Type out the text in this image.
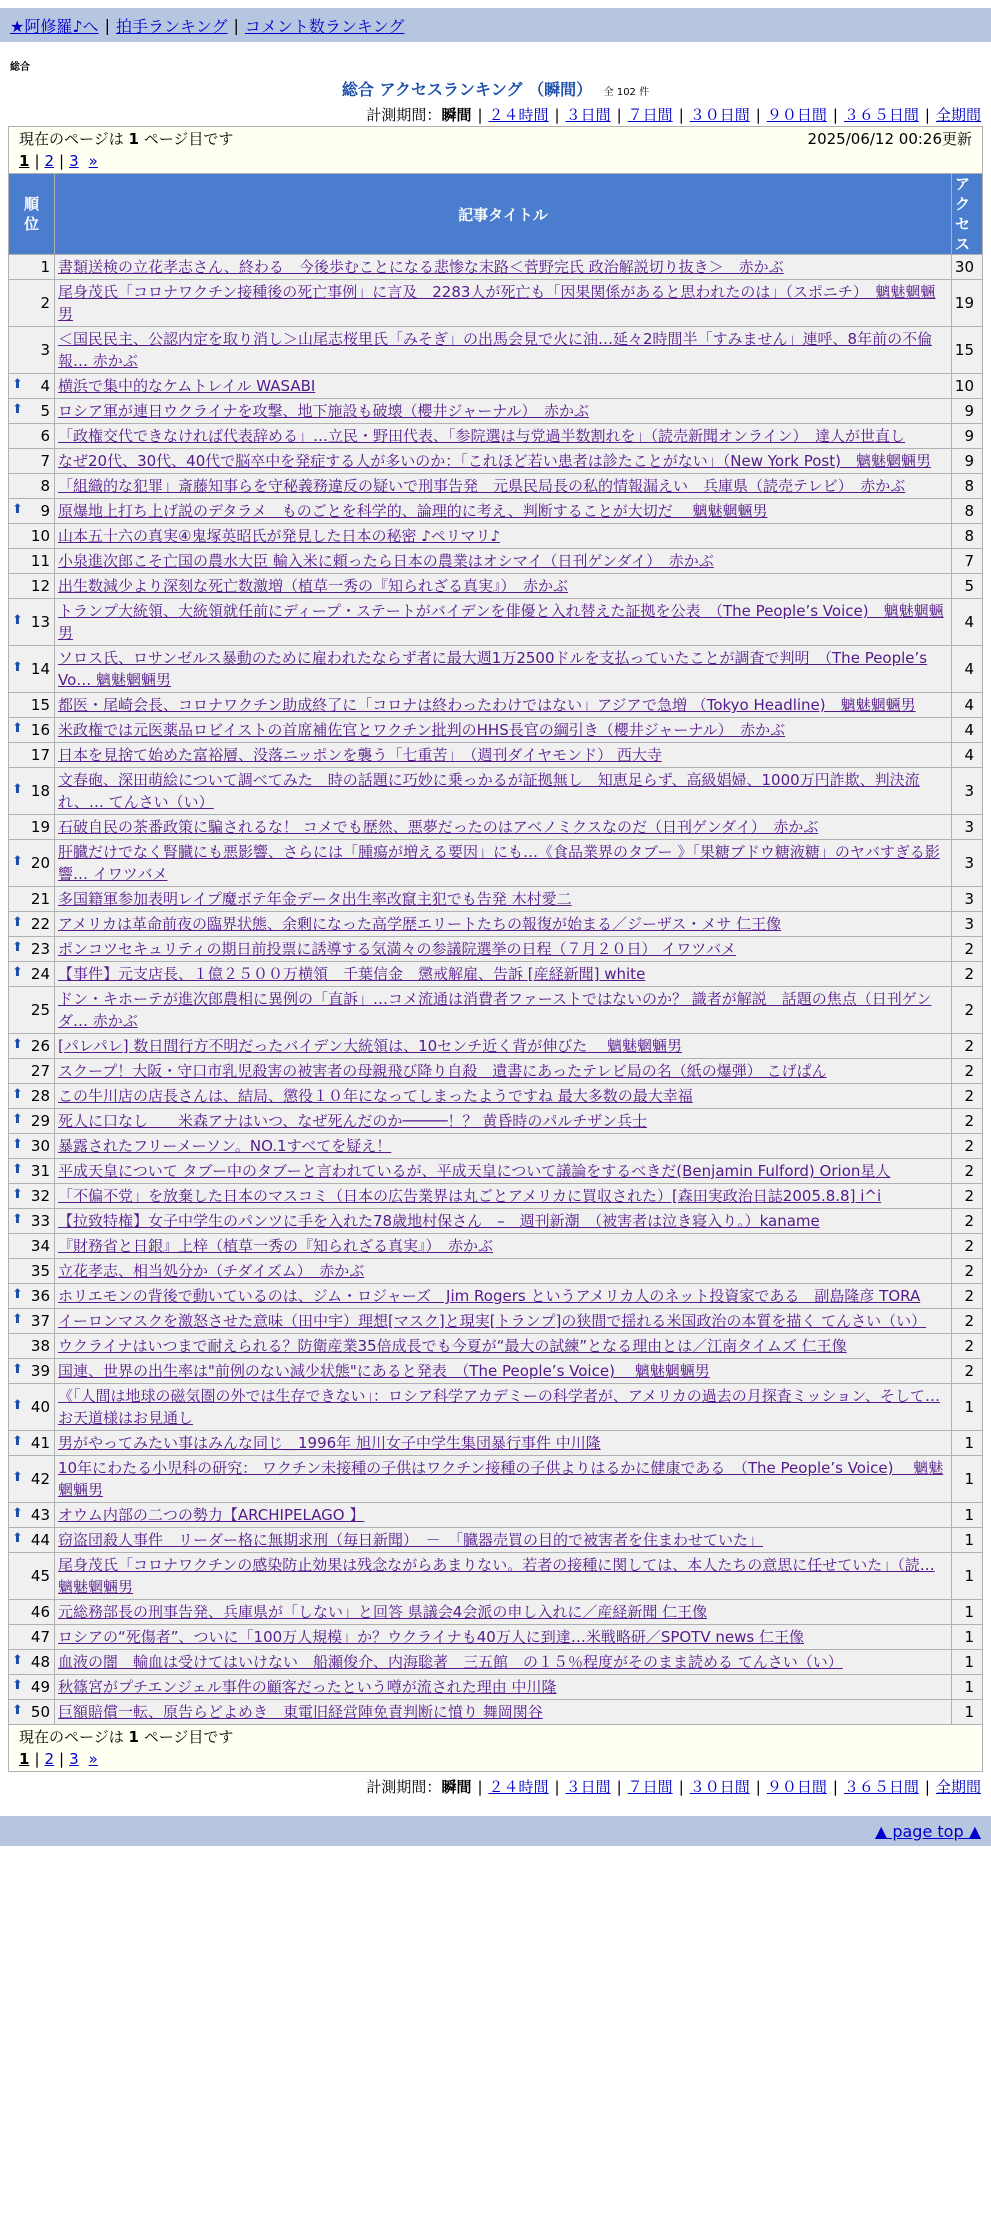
★阿修羅♪へ | 拍手ランキング | コメント数ランキング
総合
総合 アクセスランキング （瞬間） 全 102 件
計測期間：瞬間 | ２４時間 | ３日間 | ７日間 | ３０日間 | ９０日間 | ３６５日間 | 全期間
現在のページは 1 ページ目です 2025/06/12 00:26更新
1 | 2 | 3 »		

順
位	記事タイトル	アク
セス
1	書類送検の立花孝志さん、終わる　今後歩むことになる悲惨な末路＜菅野完氏 政治解説切り抜き＞　赤かぶ	30
2	尾身茂氏「コロナワクチン接種後の死亡事例」に言及　2283人が死亡も「因果関係があると思われたのは」（スポニチ）　魑魅魍魎男	19
3	＜国民民主、公認内定を取り消し＞山尾志桜里氏「みそぎ」の出馬会見で火に油…延々2時間半「すみません」連呼、8年前の不倫報… 赤かぶ	15

⬆ 4	横浜で集中的なケムトレイル WASABI	10

⬆ 5	ロシア軍が連日ウクライナを攻撃、地下施設も破壊（櫻井ジャーナル）　赤かぶ	9
6	「政権交代できなければ代表辞める」…立民・野田代表、「参院選は与党過半数割れを」（読売新聞オンライン）　達人が世直し	9
7	なぜ20代、30代、40代で脳卒中を発症する人が多いのか：「これほど若い患者は診たことがない」（New York Post)　魑魅魍魎男	9
8	「組織的な犯罪」斎藤知事らを守秘義務違反の疑いで刑事告発　元県民局長の私的情報漏えい　兵庫県（読売テレビ）　赤かぶ	8

⬆ 9	原爆地上打ち上げ説のデタラメ　ものごとを科学的、論理的に考え、判断することが大切だ　 魑魅魍魎男	8
10	山本五十六の真実④鬼塚英昭氏が発見した日本の秘密 ♪ペリマリ♪	8
11	小泉進次郎こそ亡国の農水大臣 輸入米に頼ったら日本の農業はオシマイ（日刊ゲンダイ）　赤かぶ	7
12	出生数減少より深刻な死亡数激増（植草一秀の『知られざる真実』）　赤かぶ	5

⬆ 13	トランプ大統領、大統領就任前にディープ・ステートがバイデンを俳優と入れ替えた証拠を公表　（The People’s Voice)　魑魅魍魎男	4

⬆ 14	ソロス氏、ロサンゼルス暴動のために雇われたならず者に最大週1万2500ドルを支払っていたことが調査で判明　（The People’s Vo… 魑魅魍魎男	4
15	都医・尾崎会長、コロナワクチン助成終了に「コロナは終わったわけではない」アジアで急増 （Tokyo Headline)　魑魅魍魎男	4

⬆ 16	米政権では元医薬品ロビイストの首席補佐官とワクチン批判のHHS長官の綱引き（櫻井ジャーナル）　赤かぶ	4
17	日本を見捨て始めた富裕層、没落ニッポンを襲う「七重苦」　（週刊ダイヤモンド） 西大寺	4

⬆ 18	文春砲、深田萌絵について調べてみた　時の話題に巧妙に乗っかるが証拠無し　知恵足らず、高級娼婦、1000万円詐欺、判決流れ、… てんさい（い）	3
19	石破自民の茶番政策に騙されるな！ コメでも歴然、悪夢だったのはアベノミクスなのだ（日刊ゲンダイ）　赤かぶ	3

⬆ 20	肝臓だけでなく腎臓にも悪影響、さらには「腫瘍が増える要因」にも…《食品業界のタブー 》「果糖ブドウ糖液糖」のヤバすぎる影響… イワツバメ	3
21	多国籍軍参加表明レイプ魔ボテ年金データ出生率改竄主犯でも告発 木村愛二	3

⬆ 22	アメリカは革命前夜の臨界状態、余剰になった高学歴エリートたちの報復が始まる／ジーザス・メサ 仁王像	3

⬆ 23	ポンコツセキュリティの期日前投票に誘導する気満々の参議院選挙の日程（７月２０日） イワツバメ	2

⬆ 24	【事件】元支店長、１億２５００万横領　千葉信金　懲戒解雇、告訴 [産経新聞] white	2
25	ドン・キホーテが進次郎農相に異例の「直訴」…コメ流通は消費者ファーストではないのか？ 識者が解説　話題の焦点（日刊ゲンダ… 赤かぶ	2

⬆ 26	[パレパレ] 数日間行方不明だったバイデン大統領は、10センチ近く背が伸びた　 魑魅魍魎男	2
27	スクープ！大阪・守口市乳児殺害の被害者の母親飛び降り自殺　遺書にあったテレビ局の名（紙の爆弾） こげぱん	2

⬆ 28	この牛川店の店長さんは、結局、懲役１０年になってしまったようですね 最大多数の最大幸福	2

⬆ 29	死人に口なし　　米森アナはいつ、なぜ死んだのか─────！？ 黄昏時のパルチザン兵士	2

⬆ 30	暴露されたフリーメーソン。NO.1すべてを疑え！	2

⬆ 31	平成天皇について タブー中のタブーと言われているが、平成天皇について議論をするべきだ(Benjamin Fulford) Orion星人	2

⬆ 32	「不偏不党」を放棄した日本のマスコミ（日本の広告業界は丸ごとアメリカに買収された）[森田実政治日誌2005.8.8] i^i	2

⬆ 33	【拉致特権】女子中学生のパンツに手を入れた78歳地村保さん　–　週刊新潮　（被害者は泣き寝入り。）kaname	2
34	『財務省と日銀』上梓（植草一秀の『知られざる真実』）　赤かぶ	2
35	立花孝志、相当処分か（チダイズム）　赤かぶ	2

⬆ 36	ホリエモンの背後で動いているのは、ジム・ロジャーズ　Jim Rogers というアメリカ人のネット投資家である　副島隆彦 TORA	2

⬆ 37	イーロンマスクを激怒させた意味（田中宇）理想[マスク]と現実[トランプ]の狭間で揺れる米国政治の本質を描く てんさい（い）	2
38	ウクライナはいつまで耐えられる？防衛産業35倍成長でも今夏が“最大の試練”となる理由とは／江南タイムズ 仁王像	2

⬆ 39	国連、世界の出生率は"前例のない減少状態"にあると発表　（The People’s Voice)　 魑魅魍魎男	2

⬆ 40	《「人間は地球の磁気圏の外では生存できない」：ロシア科学アカデミーの科学者が、アメリカの過去の月探査ミッション、そして… お天道様はお見通し	1

⬆ 41	男がやってみたい事はみんな同じ＿1996年 旭川女子中学生集団暴行事件 中川隆	1

⬆ 42	10年にわたる小児科の研究： ワクチン未接種の子供はワクチン接種の子供よりはるかに健康である　（The People’s Voice)　 魑魅魍魎男	1

⬆ 43	オウム内部の二つの勢力【ARCHIPELAGO 】	1

⬆ 44	窃盗団殺人事件　リーダー格に無期求刑（毎日新聞）　－　「臓器売買の目的で被害者を住まわせていた」	1
45	尾身茂氏「コロナワクチンの感染防止効果は残念ながらあまりない。若者の接種に関しては、本人たちの意思に任せていた」（読… 魑魅魍魎男	1
46	元総務部長の刑事告発、兵庫県が「しない」と回答 県議会4会派の申し入れに／産経新聞 仁王像	1
47	ロシアの“死傷者”、ついに「100万人規模」か？ウクライナも40万人に到達…米戦略研／SPOTV news 仁王像	1

⬆ 48	血液の闇　輸血は受けてはいけない　船瀬俊介、内海聡著　三五館　の１５％程度がそのまま読める てんさい（い）	1

⬆ 49	秋篠宮がプチエンジェル事件の顧客だったという噂が流された理由 中川隆	1

⬆ 50	巨額賠償一転、原告らどよめき　東電旧経営陣免責判断に憤り 舞岡関谷	1

現在のページは 1 ページ目です
1 | 2 | 3 »		
計測期間：瞬間 | ２４時間 | ３日間 | ７日間 | ３０日間 | ９０日間 | ３６５日間 | 全期間
▲ page top ▲
